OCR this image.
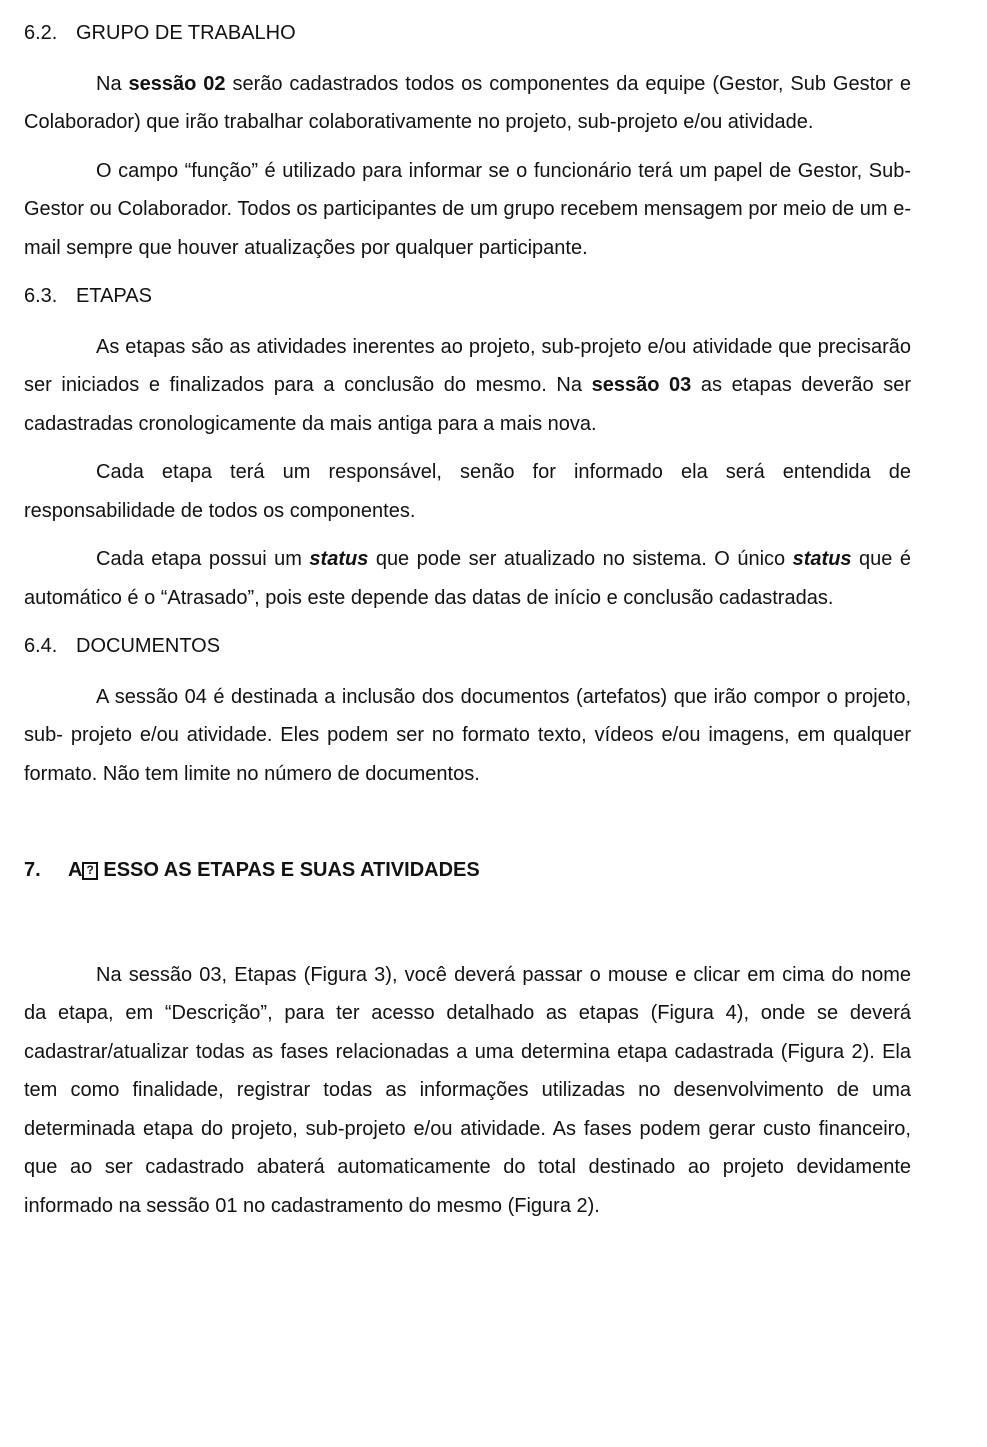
6.2. GRUPO DE TRABALHO

Na sessão 02 serão cadastrados todos os componentes da equipe (Gestor, Sub Gestor e Colaborador) que irão trabalhar colaborativamente no projeto, sub-projeto e/ou atividade.

O campo “função” é utilizado para informar se o funcionário terá um papel de Gestor, Sub-Gestor ou Colaborador. Todos os participantes de um grupo recebem mensagem por meio de um e-mail sempre que houver atualizações por qualquer participante.

6.3. ETAPAS

As etapas são as atividades inerentes ao projeto, sub-projeto e/ou atividade que precisarão ser iniciados e finalizados para a conclusão do mesmo. Na sessão 03 as etapas deverão ser cadastradas cronologicamente da mais antiga para a mais nova.

Cada etapa terá um responsável, senão for informado ela será entendida de responsabilidade de todos os componentes.

Cada etapa possui um status que pode ser atualizado no sistema. O único status que é automático é o “Atrasado”, pois este depende das datas de início e conclusão cadastradas.

6.4. DOCUMENTOS

A sessão 04 é destinada a inclusão dos documentos (artefatos) que irão compor o projeto, sub- projeto e/ou atividade. Eles podem ser no formato texto, vídeos e/ou imagens, em qualquer formato. Não tem limite no número de documentos.

7. A ? ESSO AS ETAPAS E SUAS ATIVIDADES

Na sessão 03, Etapas (Figura 3), você deverá passar o mouse e clicar em cima do nome da etapa, em “Descrição”, para ter acesso detalhado as etapas (Figura 4), onde se deverá cadastrar/atualizar todas as fases relacionadas a uma determina etapa cadastrada (Figura 2). Ela tem como finalidade, registrar todas as informações utilizadas no desenvolvimento de uma determinada etapa do projeto, sub-projeto e/ou atividade. As fases podem gerar custo financeiro, que ao ser cadastrado abaterá automaticamente do total destinado ao projeto devidamente informado na sessão 01 no cadastramento do mesmo (Figura 2).
